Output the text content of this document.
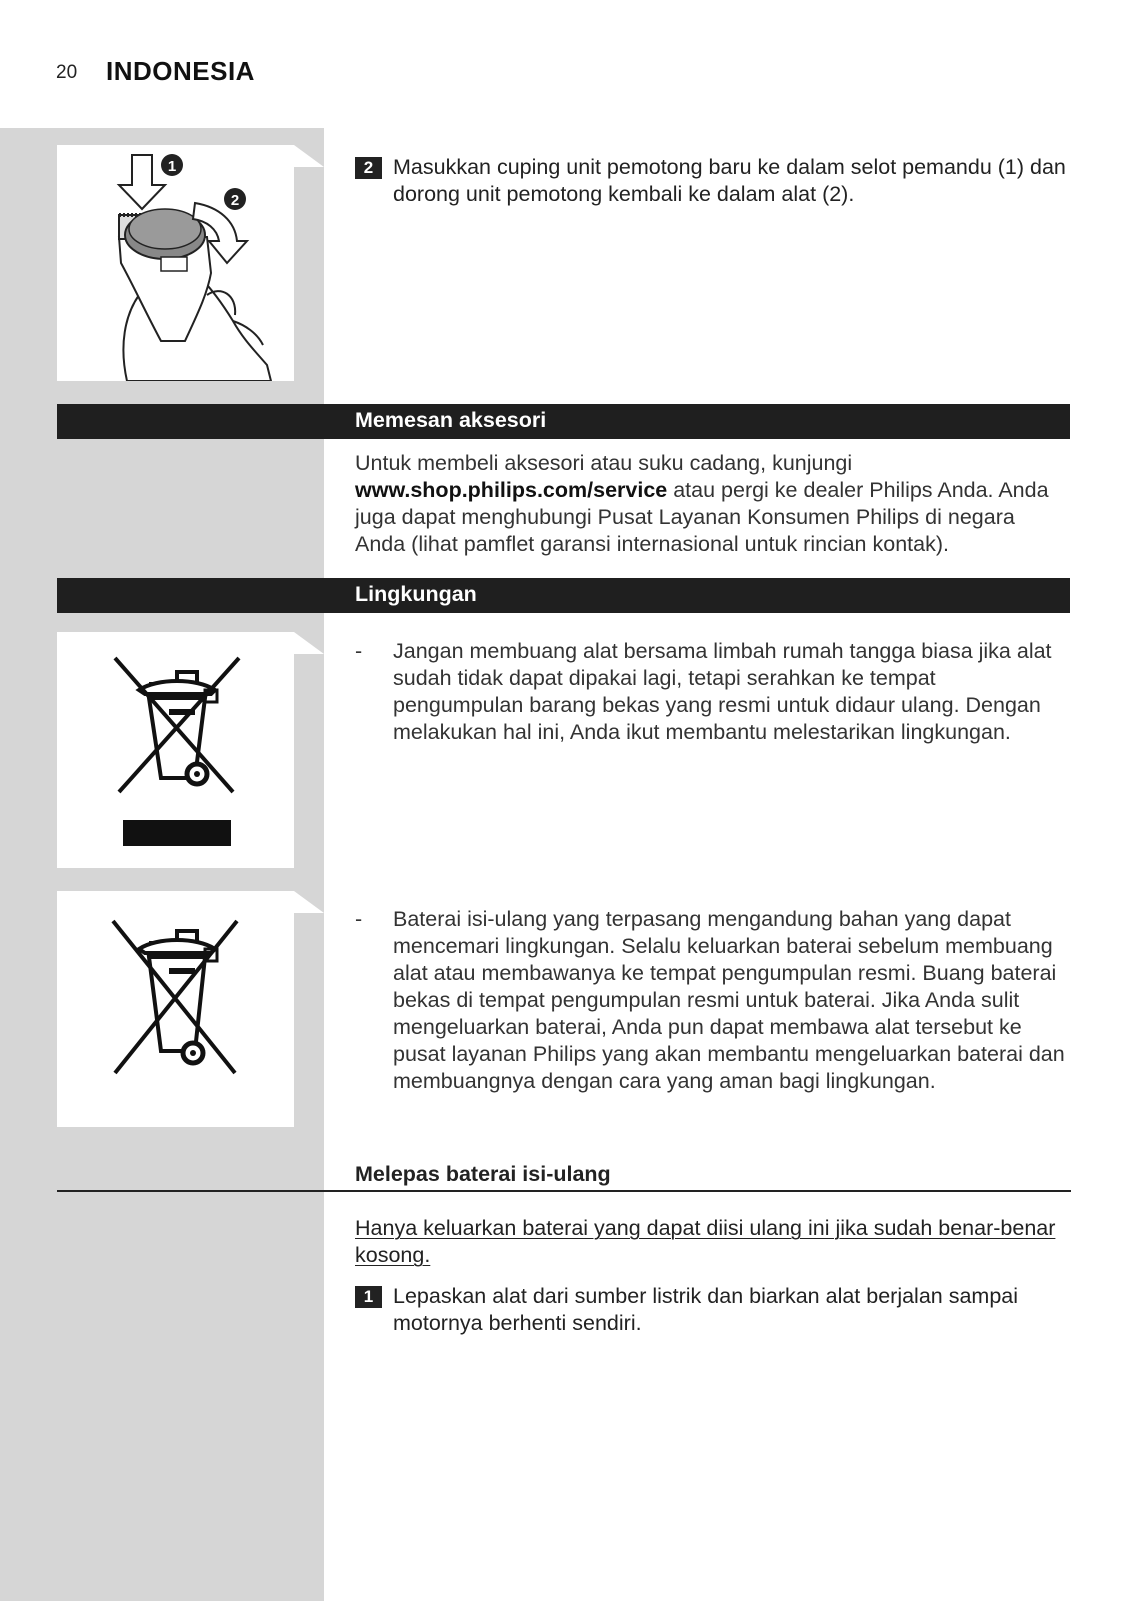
20 INDONESIA
1
2
2 Masukkan cuping unit pemotong baru ke dalam selot pemandu (1) dan dorong unit pemotong kembali ke dalam alat (2).
Memesan aksesori
Untuk membeli aksesori atau suku cadang, kunjungi www.shop.philips.com/service atau pergi ke dealer Philips Anda. Anda juga dapat menghubungi Pusat Layanan Konsumen Philips di negara Anda (lihat pamflet garansi internasional untuk rincian kontak).
Lingkungan
- Jangan membuang alat bersama limbah rumah tangga biasa jika alat sudah tidak dapat dipakai lagi, tetapi serahkan ke tempat pengumpulan barang bekas yang resmi untuk didaur ulang. Dengan melakukan hal ini, Anda ikut membantu melestarikan lingkungan.
- Baterai isi-ulang yang terpasang mengandung bahan yang dapat mencemari lingkungan. Selalu keluarkan baterai sebelum membuang alat atau membawanya ke tempat pengumpulan resmi. Buang baterai bekas di tempat pengumpulan resmi untuk baterai. Jika Anda sulit mengeluarkan baterai, Anda pun dapat membawa alat tersebut ke pusat layanan Philips yang akan membantu mengeluarkan baterai dan membuangnya dengan cara yang aman bagi lingkungan.
Melepas baterai isi-ulang
Hanya keluarkan baterai yang dapat diisi ulang ini jika sudah benar-benar kosong.
1 Lepaskan alat dari sumber listrik dan biarkan alat berjalan sampai motornya berhenti sendiri.
